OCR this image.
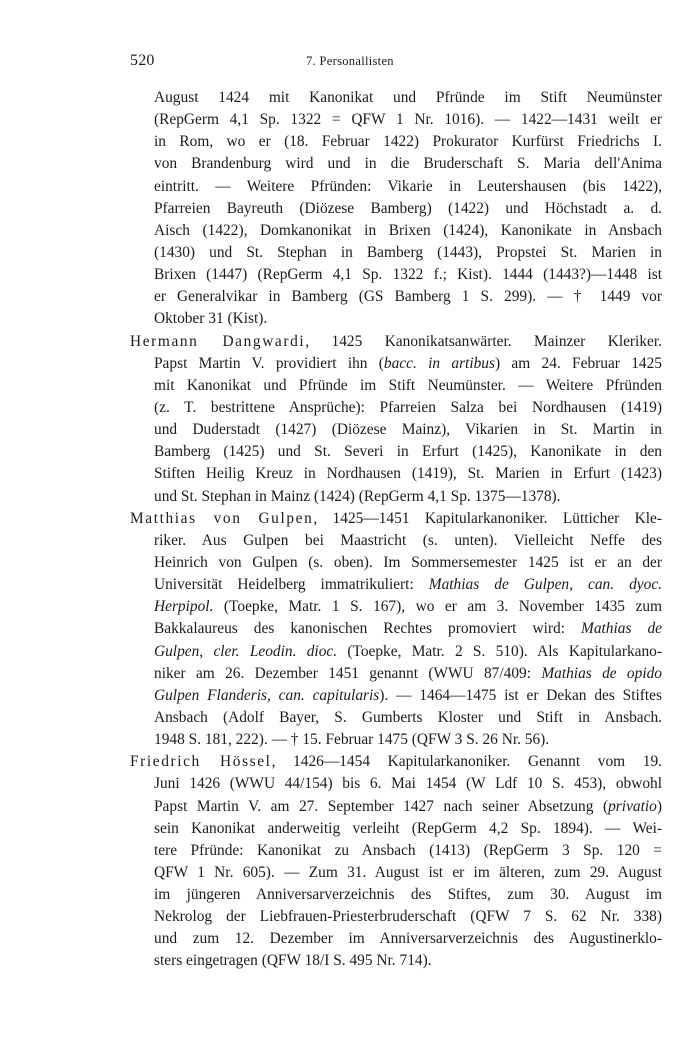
520	7. Personallisten
August 1424 mit Kanonikat und Pfründe im Stift Neumünster
(RepGerm 4,1 Sp. 1322 = QFW 1 Nr. 1016). — 1422—1431 weilt er
in Rom, wo er (18. Februar 1422) Prokurator Kurfürst Friedrichs I.
von Brandenburg wird und in die Bruderschaft S. Maria dell'Anima
eintritt. — Weitere Pfründen: Vikarie in Leutershausen (bis 1422),
Pfarreien Bayreuth (Diözese Bamberg) (1422) und Höchstadt a. d.
Aisch (1422), Domkanonikat in Brixen (1424), Kanonikate in Ansbach
(1430) und St. Stephan in Bamberg (1443), Propstei St. Marien in
Brixen (1447) (RepGerm 4,1 Sp. 1322 f.; Kist). 1444 (1443?)—1448 ist
er Generalvikar in Bamberg (GS Bamberg 1 S. 299). — † 1449 vor
Oktober 31 (Kist).
Hermann Dangwardi, 1425 Kanonikatsanwärter. Mainzer Kleriker.
Papst Martin V. providiert ihn (bacc. in artibus) am 24. Februar 1425
mit Kanonikat und Pfründe im Stift Neumünster. — Weitere Pfründen
(z. T. bestrittene Ansprüche): Pfarreien Salza bei Nordhausen (1419)
und Duderstadt (1427) (Diözese Mainz), Vikarien in St. Martin in
Bamberg (1425) und St. Severi in Erfurt (1425), Kanonikate in den
Stiften Heilig Kreuz in Nordhausen (1419), St. Marien in Erfurt (1423)
und St. Stephan in Mainz (1424) (RepGerm 4,1 Sp. 1375—1378).
Matthias von Gulpen, 1425—1451 Kapitularkanoniker. Lütticher Kle-
riker. Aus Gulpen bei Maastricht (s. unten). Vielleicht Neffe des
Heinrich von Gulpen (s. oben). Im Sommersemester 1425 ist er an der
Universität Heidelberg immatrikuliert: Mathias de Gulpen, can. dyoc.
Herpipol. (Toepke, Matr. 1 S. 167), wo er am 3. November 1435 zum
Bakkalaureus des kanonischen Rechtes promoviert wird: Mathias de
Gulpen, cler. Leodin. dioc. (Toepke, Matr. 2 S. 510). Als Kapitularkano-
niker am 26. Dezember 1451 genannt (WWU 87/409: Mathias de opido
Gulpen Flanderis, can. capitularis). — 1464—1475 ist er Dekan des Stiftes
Ansbach (Adolf Bayer, S. Gumberts Kloster und Stift in Ansbach.
1948 S. 181, 222). — † 15. Februar 1475 (QFW 3 S. 26 Nr. 56).
Friedrich Hössel, 1426—1454 Kapitularkanoniker. Genannt vom 19.
Juni 1426 (WWU 44/154) bis 6. Mai 1454 (W Ldf 10 S. 453), obwohl
Papst Martin V. am 27. September 1427 nach seiner Absetzung (privatio)
sein Kanonikat anderweitig verleiht (RepGerm 4,2 Sp. 1894). — Wei-
tere Pfründe: Kanonikat zu Ansbach (1413) (RepGerm 3 Sp. 120 =
QFW 1 Nr. 605). — Zum 31. August ist er im älteren, zum 29. August
im jüngeren Anniversarverzeichnis des Stiftes, zum 30. August im
Nekrolog der Liebfrauen-Priesterbruderschaft (QFW 7 S. 62 Nr. 338)
und zum 12. Dezember im Anniversarverzeichnis des Augustinerklo-
sters eingetragen (QFW 18/I S. 495 Nr. 714).
